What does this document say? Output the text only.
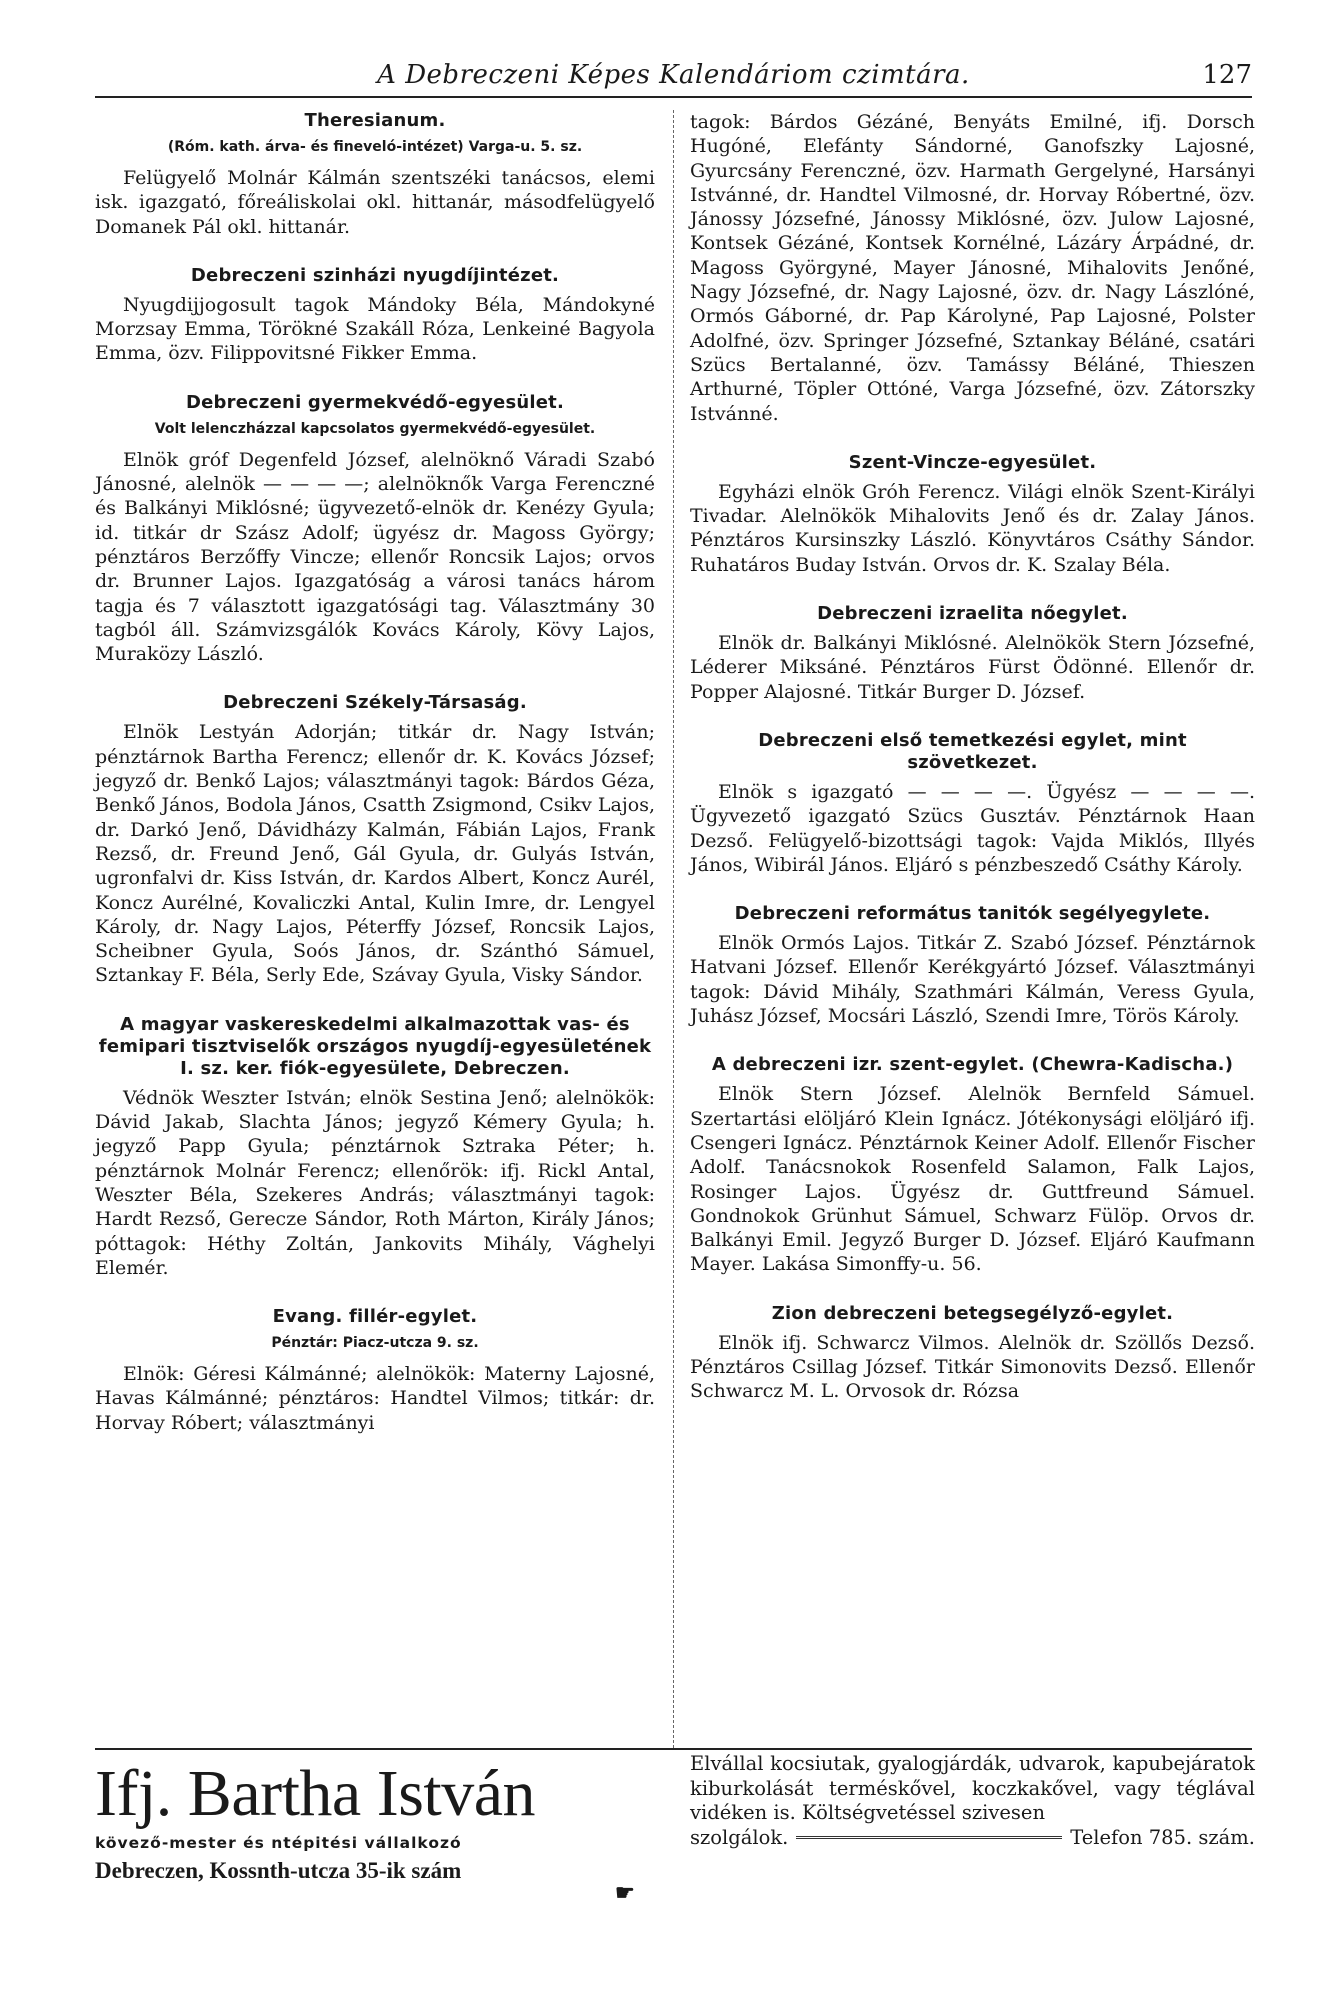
A Debreczeni Képes Kalendáriom czimtára.	127
Theresianum.
(Róm. kath. árva- és fineveló-intézet) Varga-u. 5. sz.

Felügyelő Molnár Kálmán szentszéki tanácsos, elemi isk. igazgató, főreáliskolai okl. hittanár, másodfelügyelő Domanek Pál okl. hittanár.

Debreczeni szinházi nyugdíjintézet.

Nyugdijjogosult tagok Mándoky Béla, Mándokyné Morzsay Emma, Törökné Szakáll Róza, Lenkeiné Bagyola Emma, özv. Filippovitsné Fikker Emma.

Debreczeni gyermekvédő-egyesület.
Volt lelenczházzal kapcsolatos gyermekvédő-egyesület.

Elnök gróf Degenfeld József, alelnöknő Váradi Szabó Jánosné, alelnök — — — —; alelnöknők Varga Ferenczné és Balkányi Miklósné; ügyvezető-elnök dr. Kenézy Gyula; id. titkár dr Szász Adolf; ügyész dr. Magoss György; pénztáros Berzőffy Vincze; ellenőr Roncsik Lajos; orvos dr. Brunner Lajos. Igazgatóság a városi tanács három tagja és 7 választott igazgatósági tag. Választmány 30 tagból áll. Számvizsgálók Kovács Károly, Kövy Lajos, Muraközy László.

Debreczeni Székely-Társaság.

Elnök Lestyán Adorján; titkár dr. Nagy István; pénztárnok Bartha Ferencz; ellenőr dr. K. Kovács József; jegyző dr. Benkő Lajos; választmányi tagok: Bárdos Géza, Benkő János, Bodola János, Csatth Zsigmond, Csikv Lajos, dr. Darkó Jenő, Dávidházy Kalmán, Fábián Lajos, Frank Rezső, dr. Freund Jenő, Gál Gyula, dr. Gulyás István, ugronfalvi dr. Kiss István, dr. Kardos Albert, Koncz Aurél, Koncz Aurélné, Kovaliczki Antal, Kulin Imre, dr. Lengyel Károly, dr. Nagy Lajos, Péterffy József, Roncsik Lajos, Scheibner Gyula, Soós János, dr. Szánthó Sámuel, Sztankay F. Béla, Serly Ede, Szávay Gyula, Visky Sándor.

A magyar vaskereskedelmi alkalmazottak vas- és femipari tisztviselők országos nyugdíj-egyesületének I. sz. ker. fiók-egyesülete, Debreczen.

Védnök Weszter István; elnök Sestina Jenő; alelnökök: Dávid Jakab, Slachta János; jegyző Kémery Gyula; h. jegyző Papp Gyula; pénztárnok Sztraka Péter; h. pénztárnok Molnár Ferencz; ellenőrök: ifj. Rickl Antal, Weszter Béla, Szekeres András; választmányi tagok: Hardt Rezső, Gerecze Sándor, Roth Márton, Király János; póttagok: Héthy Zoltán, Jankovits Mihály, Vághelyi Elemér.

Evang. fillér-egylet.
Pénztár: Piacz-utcza 9. sz.

Elnök: Géresi Kálmánné; alelnökök: Materny Lajosné, Havas Kálmánné; pénztáros: Handtel Vilmos; titkár: dr. Horvay Róbert; választmányi

tagok: Bárdos Gézáné, Benyáts Emilné, ifj. Dorsch Hugóné, Elefánty Sándorné, Ganofszky Lajosné, Gyurcsány Ferenczné, özv. Harmath Gergelyné, Harsányi Istvánné, dr. Handtel Vilmosné, dr. Horvay Róbertné, özv. Jánossy Józsefné, Jánossy Miklósné, özv. Julow Lajosné, Kontsek Gézáné, Kontsek Kornélné, Lázáry Árpádné, dr. Magoss Györgyné, Mayer Jánosné, Mihalovits Jenőné, Nagy Józsefné, dr. Nagy Lajosné, özv. dr. Nagy Lászlóné, Ormós Gáborné, dr. Pap Károlyné, Pap Lajosné, Polster Adolfné, özv. Springer Józsefné, Sztankay Béláné, csatári Szücs Bertalanné, özv. Tamássy Béláné, Thieszen Arthurné, Töpler Ottóné, Varga Józsefné, özv. Zátorszky Istvánné.

Szent-Vincze-egyesület.

Egyházi elnök Gróh Ferencz. Világi elnök Szent-Királyi Tivadar. Alelnökök Mihalovits Jenő és dr. Zalay János. Pénztáros Kursinszky László. Könyvtáros Csáthy Sándor. Ruhatáros Buday István. Orvos dr. K. Szalay Béla.

Debreczeni izraelita nőegylet.

Elnök dr. Balkányi Miklósné. Alelnökök Stern Józsefné, Léderer Miksáné. Pénztáros Fürst Ödönné. Ellenőr dr. Popper Alajosné. Titkár Burger D. József.

Debreczeni első temetkezési egylet, mint szövetkezet.

Elnök s igazgató — — — —. Ügyész — — — —. Ügyvezető igazgató Szücs Gusztáv. Pénztárnok Haan Dezső. Felügyelő-bizottsági tagok: Vajda Miklós, Illyés János, Wibirál János. Eljáró s pénzbeszedő Csáthy Károly.

Debreczeni református tanitók segélyegylete.

Elnök Ormós Lajos. Titkár Z. Szabó József. Pénztárnok Hatvani József. Ellenőr Kerékgyártó József. Választmányi tagok: Dávid Mihály, Szathmári Kálmán, Veress Gyula, Juhász József, Mocsári László, Szendi Imre, Törös Károly.

A debreczeni izr. szent-egylet. (Chewra-Kadischa.)

Elnök Stern József. Alelnök Bernfeld Sámuel. Szertartási elöljáró Klein Ignácz. Jótékonysági elöljáró ifj. Csengeri Ignácz. Pénztárnok Keiner Adolf. Ellenőr Fischer Adolf. Tanácsnokok Rosenfeld Salamon, Falk Lajos, Rosinger Lajos. Ügyész dr. Guttfreund Sámuel. Gondnokok Grünhut Sámuel, Schwarz Fülöp. Orvos dr. Balkányi Emil. Jegyző Burger D. József. Eljáró Kaufmann Mayer. Lakása Simonffy-u. 56.

Zion debreczeni betegsegélyző-egylet.

Elnök ifj. Schwarcz Vilmos. Alelnök dr. Szöllős Dezső. Pénztáros Csillag József. Titkár Simonovits Dezső. Ellenőr Schwarcz M. L. Orvosok dr. Rózsa

Ifj. Bartha István
kövező-mester és ntépitési vállalkozó
Debreczen, Kossnth-utcza 35-ik szám
☛
Elvállal kocsiutak, gyalogjárdák, udvarok, kapubejáratok kiburkolását terméskővel, koczkakővel, vagy téglával vidéken is. Költségvetéssel szivesen
szolgálok.	Telefon 785. szám.
